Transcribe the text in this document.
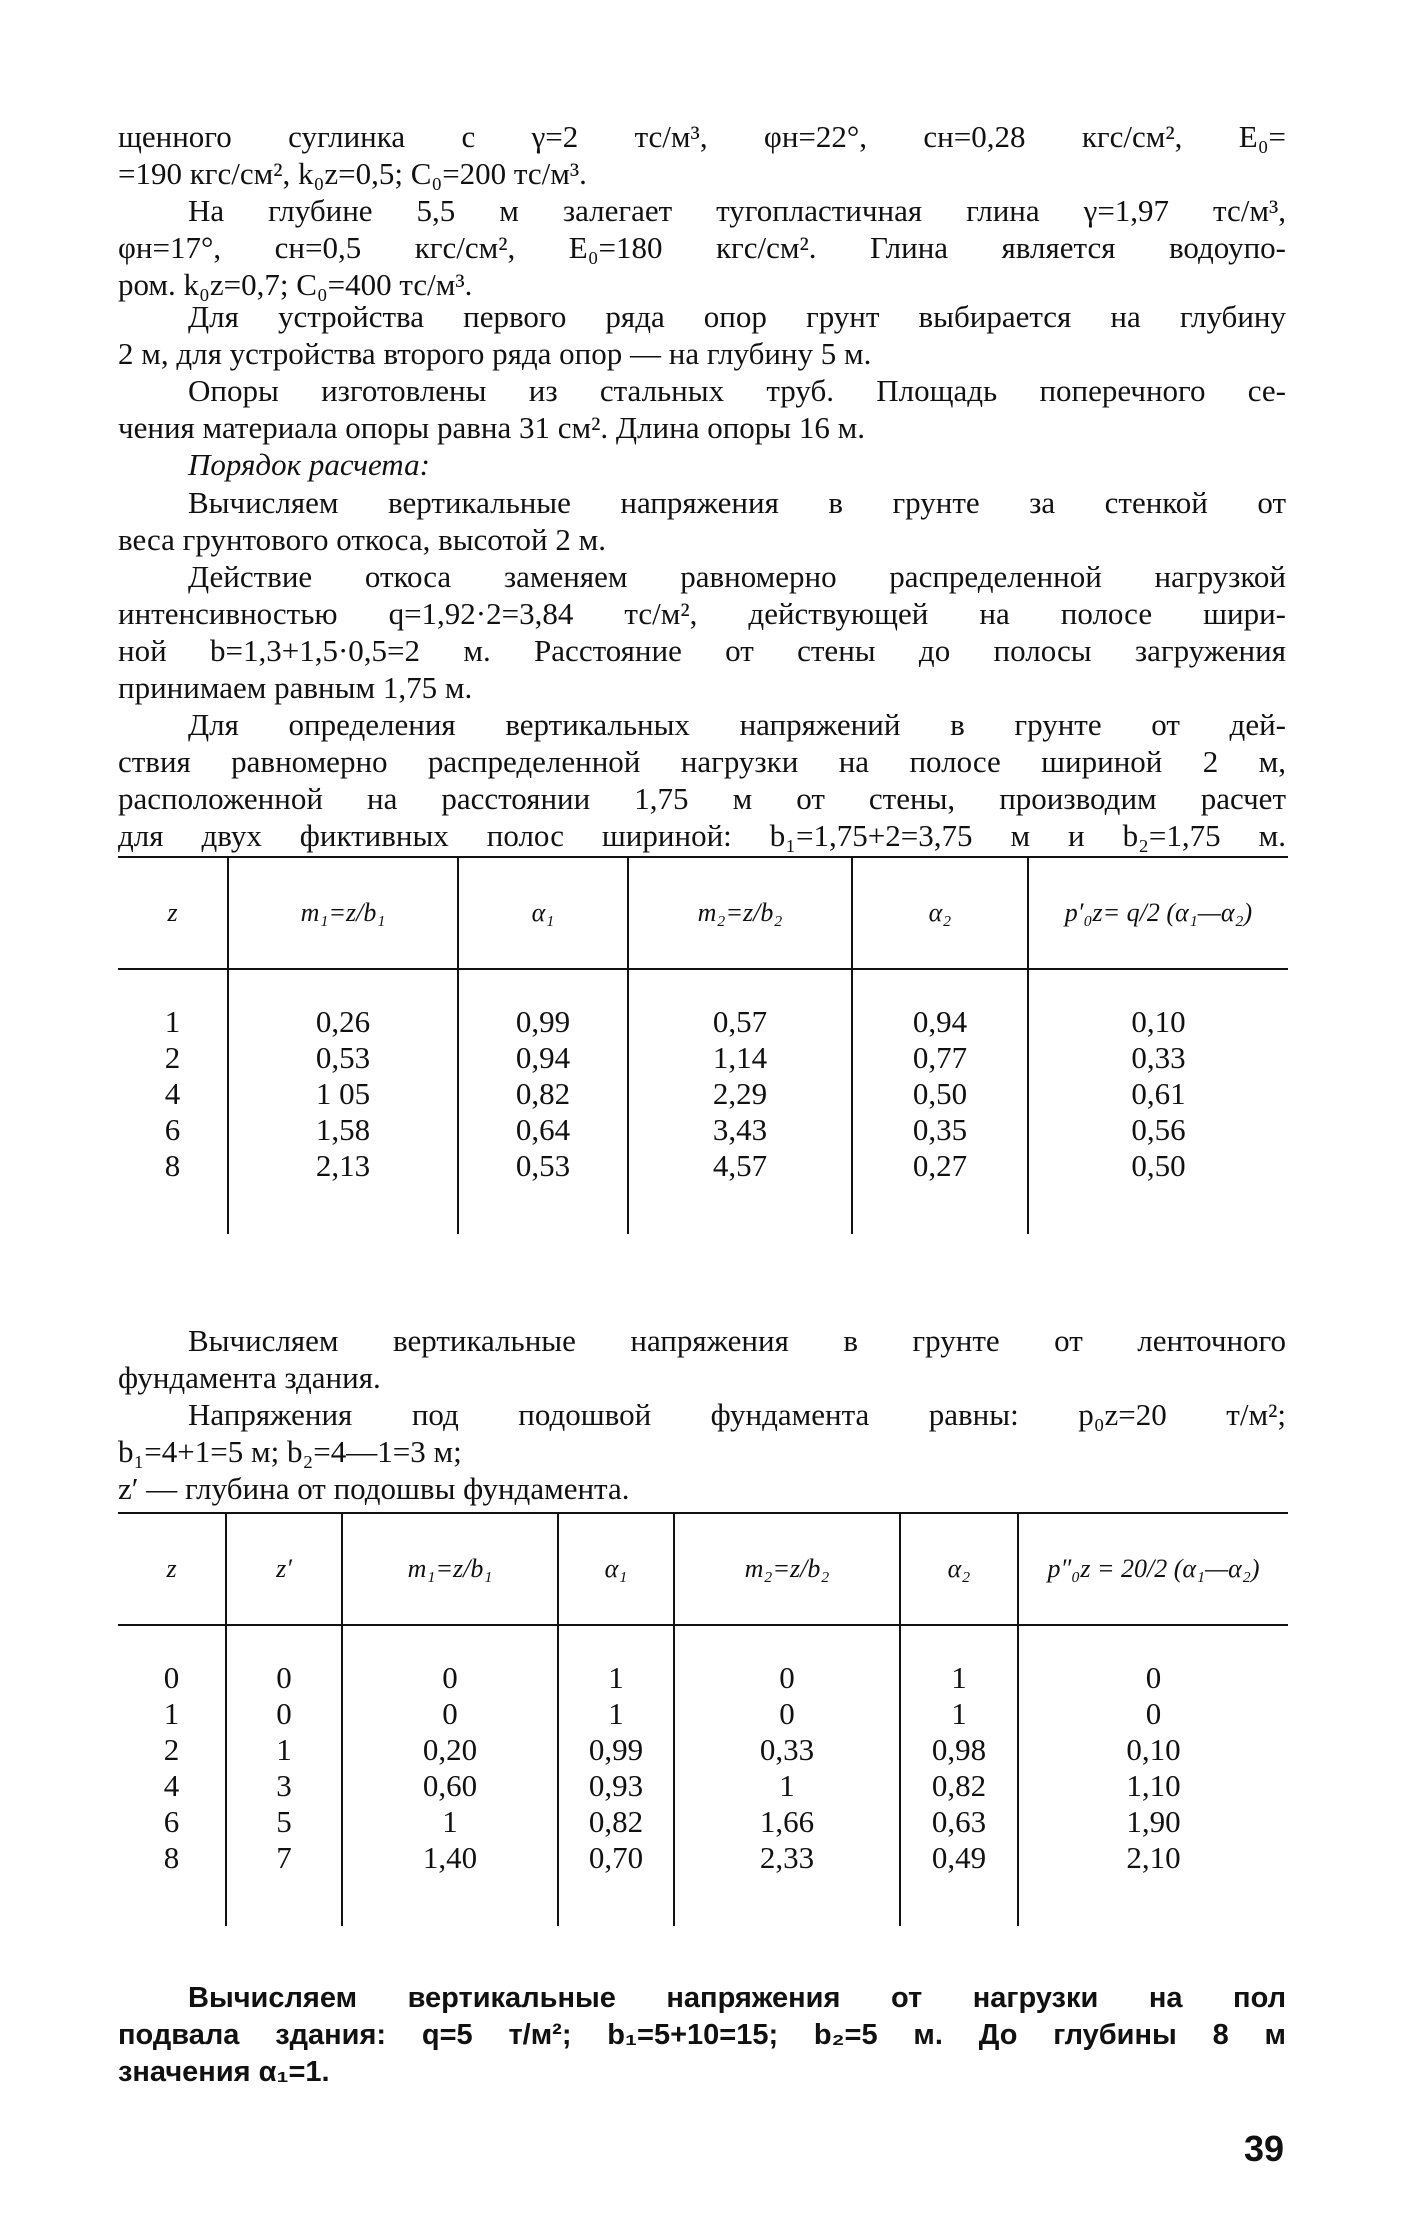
щенного суглинка с γ=2 тс/м³, φн=22°, cн=0,28 кгс/см², E₀=
=190 кгс/см², k₀z=0,5; C₀=200 тс/м³.
На глубине 5,5 м залегает тугопластичная глина γ=1,97 тс/м³,
φн=17°, cн=0,5 кгс/см², E₀=180 кгс/см². Глина является водоупо-
ром. k₀z=0,7; C₀=400 тс/м³.
Для устройства первого ряда опор грунт выбирается на глубину
2 м, для устройства второго ряда опор — на глубину 5 м.
Опоры изготовлены из стальных труб. Площадь поперечного се-
чения материала опоры равна 31 см². Длина опоры 16 м.
Порядок расчета:
Вычисляем вертикальные напряжения в грунте за стенкой от
веса грунтового откоса, высотой 2 м.
Действие откоса заменяем равномерно распределенной нагрузкой
интенсивностью q=1,92·2=3,84 тс/м², действующей на полосе шири-
ной b=1,3+1,5·0,5=2 м. Расстояние от стены до полосы загружения
принимаем равным 1,75 м.
Для определения вертикальных напряжений в грунте от дей-
ствия равномерно распределенной нагрузки на полосе шириной 2 м,
расположенной на расстоянии 1,75 м от стены, производим расчет
для двух фиктивных полос шириной: b₁=1,75+2=3,75 м и b₂=1,75 м.
z	m₁=z/b₁	α₁	m₂=z/b₂	α₂	p′₀z= q/2 (α₁—α₂)

1	0,26	0,99	0,57	0,94	0,10
2	0,53	0,94	1,14	0,77	0,33
4	1 05	0,82	2,29	0,50	0,61
6	1,58	0,64	3,43	0,35	0,56
8	2,13	0,53	4,57	0,27	0,50

Вычисляем вертикальные напряжения в грунте от ленточного
фундамента здания.
Напряжения под подошвой фундамента равны: p₀z=20 т/м²;
b₁=4+1=5 м; b₂=4—1=3 м;
z′ — глубина от подошвы фундамента.
z	z′	m₁=z/b₁	α₁	m₂=z/b₂	α₂	p″₀z = 20/2 (α₁—α₂)

0	0	0	1	0	1	0
1	0	0	1	0	1	0
2	1	0,20	0,99	0,33	0,98	0,10
4	3	0,60	0,93	1	0,82	1,10
6	5	1	0,82	1,66	0,63	1,90
8	7	1,40	0,70	2,33	0,49	2,10

Вычисляем вертикальные напряжения от нагрузки на пол
подвала здания: q=5 т/м²; b₁=5+10=15; b₂=5 м. До глубины 8 м
значения α₁=1.
39
